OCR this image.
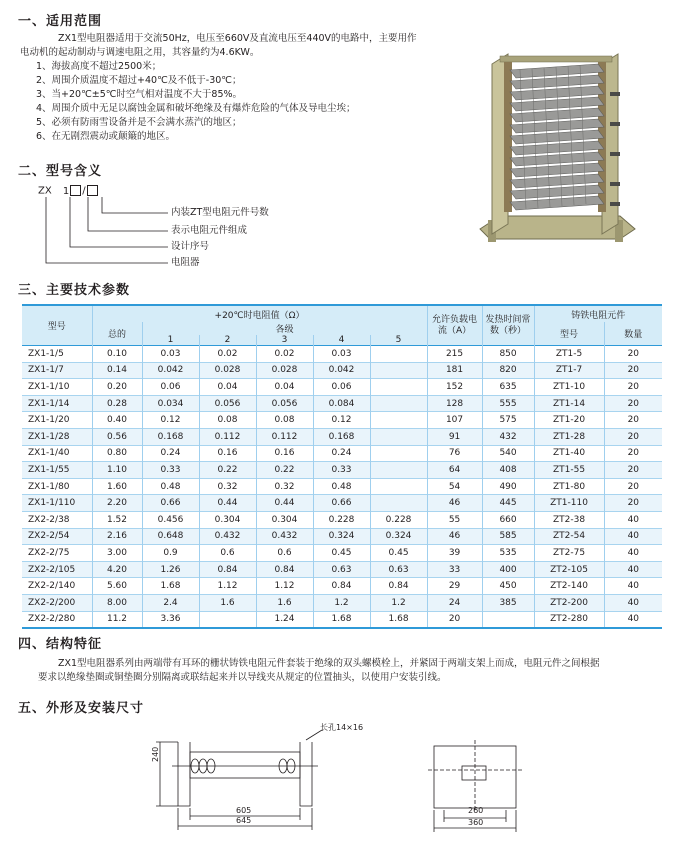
一、适用范围
ZX1型电阻器适用于交流50Hz，电压至660V及直流电压至440V的电路中，主要用作
电动机的起动制动与调速电阻之用，其容量约为4.6KW。
1、海拔高度不超过2500米；
2、周围介质温度不超过+40℃及不低于-30℃；
3、当+20℃±5℃时空气相对温度不大于85%。
4、周围介质中无足以腐蚀金属和破坏绝缘及有爆炸危险的气体及导电尘埃；
5、必须有防雨雪设备并是不会满水蒸汽的地区；
6、在无剧烈震动或颠簸的地区。
二、型号含义
ZX 1 /
内装ZT型电阻元件号数
表示电阻元件组成
设计序号
电阻器
三、主要技术参数
型号	+20℃时电阻值（Ω）						允许负载电流（A）	发热时间常数（秒）	铸铁电阻元件	
	总的	各级							型号	数量
		1	2	3	4	5				
ZX1-1/5	0.10	0.03	0.02	0.02	0.03		215	850	ZT1-5	20
ZX1-1/7	0.14	0.042	0.028	0.028	0.042		181	820	ZT1-7	20
ZX1-1/10	0.20	0.06	0.04	0.04	0.06		152	635	ZT1-10	20
ZX1-1/14	0.28	0.034	0.056	0.056	0.084		128	555	ZT1-14	20
ZX1-1/20	0.40	0.12	0.08	0.08	0.12		107	575	ZT1-20	20
ZX1-1/28	0.56	0.168	0.112	0.112	0.168		91	432	ZT1-28	20
ZX1-1/40	0.80	0.24	0.16	0.16	0.24		76	540	ZT1-40	20
ZX1-1/55	1.10	0.33	0.22	0.22	0.33		64	408	ZT1-55	20
ZX1-1/80	1.60	0.48	0.32	0.32	0.48		54	490	ZT1-80	20
ZX1-1/110	2.20	0.66	0.44	0.44	0.66		46	445	ZT1-110	20
ZX2-2/38	1.52	0.456	0.304	0.304	0.228	0.228	55	660	ZT2-38	40
ZX2-2/54	2.16	0.648	0.432	0.432	0.324	0.324	46	585	ZT2-54	40
ZX2-2/75	3.00	0.9	0.6	0.6	0.45	0.45	39	535	ZT2-75	40
ZX2-2/105	4.20	1.26	0.84	0.84	0.63	0.63	33	400	ZT2-105	40
ZX2-2/140	5.60	1.68	1.12	1.12	0.84	0.84	29	450	ZT2-140	40
ZX2-2/200	8.00	2.4	1.6	1.6	1.2	1.2	24	385	ZT2-200	40
ZX2-2/280	11.2	3.36		1.24	1.68	1.68	20		ZT2-280	40
四、结构特征
ZX1型电阻器系列由两端带有耳环的栅状铸铁电阻元件套装于绝缘的双头螺模栓上，并紧固于两端支架上而成，电阻元件之间根据
要求以绝缘垫圈或铜垫圈分别隔离或联结起来并以导线夹从规定的位置抽头，以使用户安装引线。
五、外形及安装尺寸
240
605
645
长孔14×16
260
360
